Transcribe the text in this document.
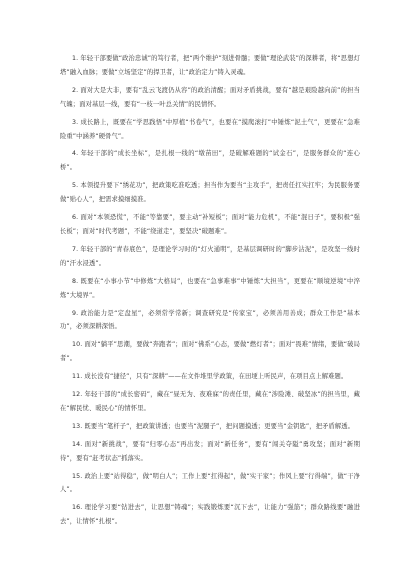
1. 年轻干部要做“政治忠诚”的笃行者，把“两个维护”刻进骨髓；要做“理论武装”的深耕者，将“思想灯塔”融入血脉；要做“立场坚定”的捍卫者，让“政治定力”铸入灵魂。

2. 面对大是大非，要有“乱云飞渡仍从容”的政治清醒；面对矛盾挑战，要有“越是艰险越向前”的担当气魄；面对基层一线，要有“一枝一叶总关情”的民情怀。

3. 成长路上，既要在“学思践悟”中厚植“书卷气”，也要在“摸爬滚打”中锤炼“泥土气”，更要在“急难险重”中涵养“硬骨气”。

4. 年轻干部的“成长坐标”，是扎根一线的“墩苗田”，是破解难题的“试金石”，是服务群众的“连心桥”。

5. 本领提升要下“绣花功”，把政策吃准吃透；担当作为要当“主攻手”，把责任扛实扛牢；为民服务要做“贴心人”，把需求摸细摸准。

6. 面对“本领恐慌”，不能“等靠要”，要主动“补短板”；面对“能力危机”，不能“混日子”，要积极“强长板”；面对“时代考题”，不能“绕道走”，要坚决“破题难”。

7. 年轻干部的“青春底色”，是理论学习时的“灯火通明”，是基层调研时的“脚步沾泥”，是攻坚一线时的“汗水浸透”。

8. 既要在“小事小节”中修炼“大格局”，也要在“急事难事”中锤炼“大担当”，更要在“顺境逆境”中淬炼“大境界”。

9. 政治能力是“定盘星”，必须常学常新；调查研究是“传家宝”，必须善用善成；群众工作是“基本功”，必须深耕深悟。

10. 面对“躺平”思潮，要做“奔跑者”；面对“佛系”心态，要做“燃灯者”；面对“畏难”情绪，要做“破局者”。

11. 成长没有“捷径”，只有“深耕”——在文件堆里学政策，在田埂上听民声，在项目点上解难题。

12. 年轻干部的“成长密码”，藏在“昼无为、夜难寐”的责任里，藏在“涉险滩、破坚冰”的担当里，藏在“解民忧、暖民心”的情怀里。

13. 既要当“笔杆子”，把政策讲透；也要当“泥腿子”，把问题摸透；更要当“金钥匙”，把矛盾解透。

14. 面对“新挑战”，要有“归零心态”再出发；面对“新任务”，要有“闯关夺隘”勇攻坚；面对“新期待”，要有“赶考状态”抓落实。

15. 政治上要“站得稳”，做“明白人”；工作上要“扛得起”，做“实干家”；作风上要“行得端”，做“干净人”。

16. 理论学习要“钻进去”，让思想“铸魂”；实践锻炼要“沉下去”，让能力“强筋”；群众路线要“融进去”，让情怀“扎根”。
